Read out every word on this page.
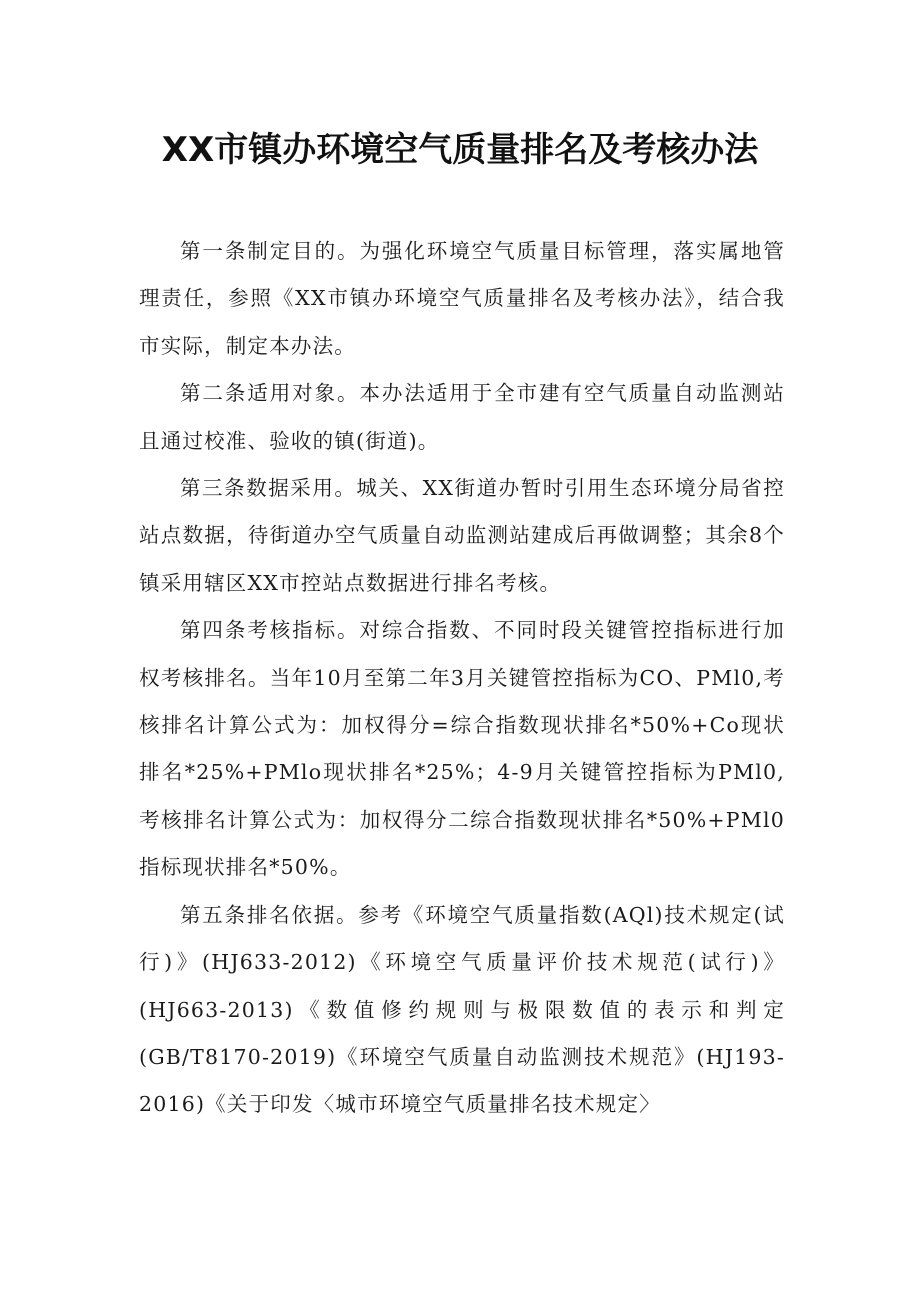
XX市镇办环境空气质量排名及考核办法

第一条制定目的。为强化环境空气质量目标管理，落实属地管理责任，参照《XX市镇办环境空气质量排名及考核办法》，结合我市实际，制定本办法。

第二条适用对象。本办法适用于全市建有空气质量自动监测站且通过校准、验收的镇(街道)。

第三条数据采用。城关、XX街道办暂时引用生态环境分局省控站点数据，待街道办空气质量自动监测站建成后再做调整；其余8个镇采用辖区XX市控站点数据进行排名考核。

第四条考核指标。对综合指数、不同时段关键管控指标进行加权考核排名。当年10月至第二年3月关键管控指标为CO、PMl0,考核排名计算公式为：加权得分=综合指数现状排名*50%+Co现状排名*25%+PMlo现状排名*25%；4-9月关键管控指标为PMl0,考核排名计算公式为：加权得分二综合指数现状排名*50%+PMl0指标现状排名*50%。

第五条排名依据。参考《环境空气质量指数(AQl)技术规定(试行)》(HJ633-2012)《环境空气质量评价技术规范(试行)》(HJ663-2013)《数值修约规则与极限数值的表示和判定(GB/T8170-2019)《环境空气质量自动监测技术规范》(HJ193-2016)《关于印发〈城市环境空气质量排名技术规定〉
